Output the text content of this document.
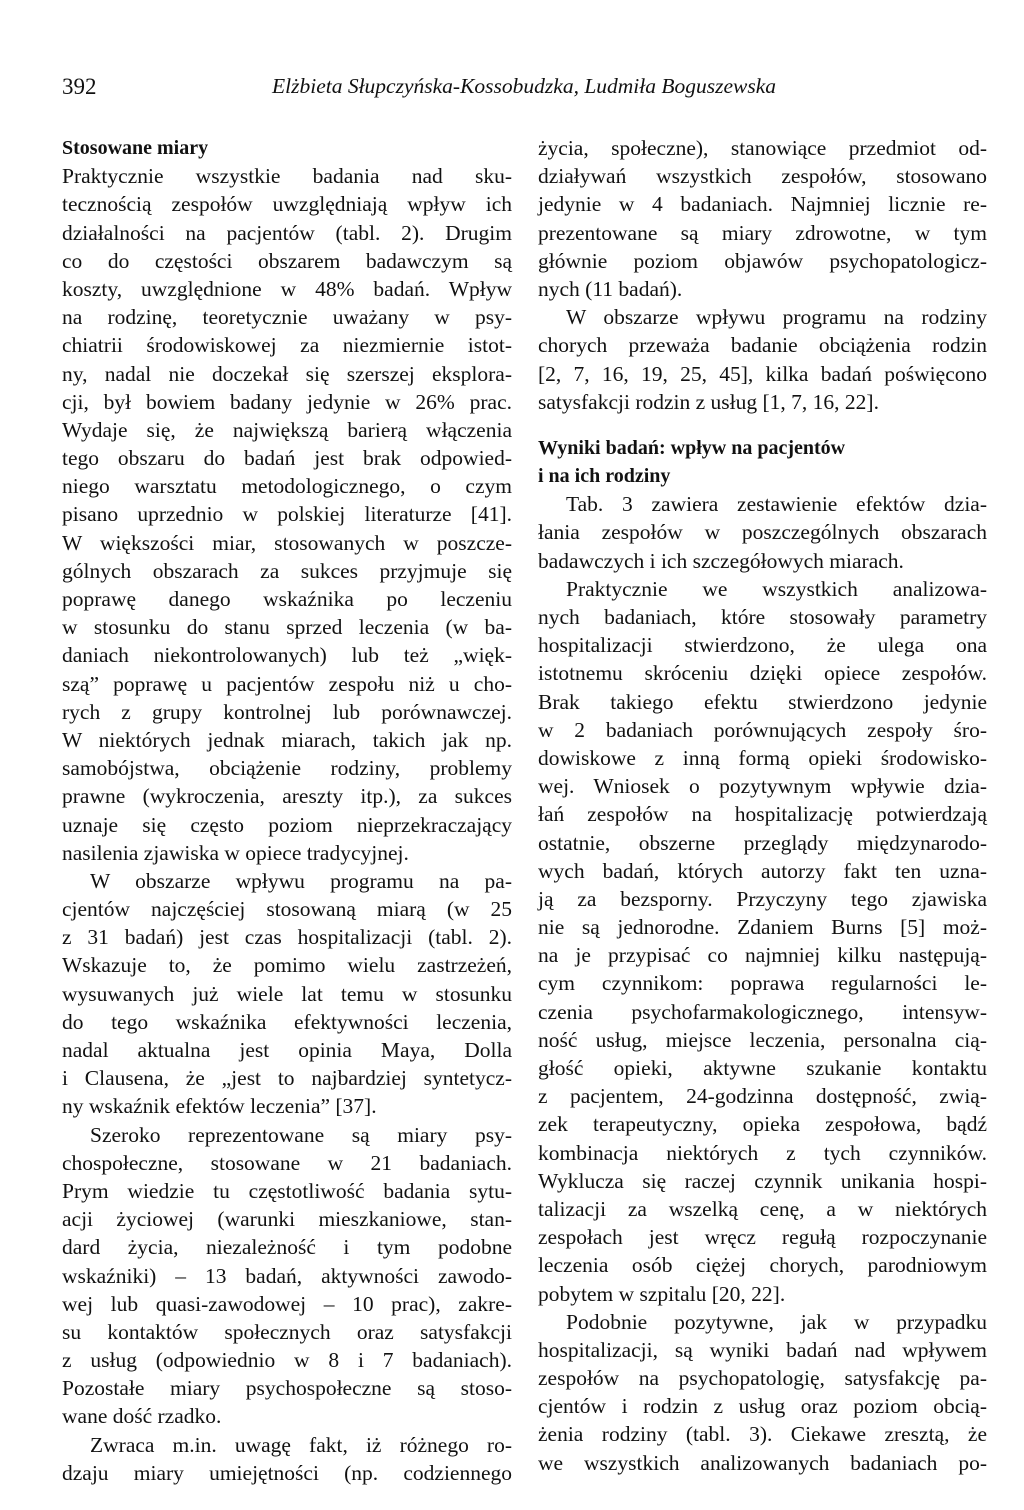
392	Elżbieta Słupczyńska-Kossobudzka, Ludmiła Boguszewska
Stosowane miary
Praktycznie wszystkie badania nad sku-
tecznością zespołów uwzględniają wpływ ich
działalności na pacjentów (tabl. 2). Drugim
co do częstości obszarem badawczym są
koszty, uwzględnione w 48% badań. Wpływ
na rodzinę, teoretycznie uważany w psy-
chiatrii środowiskowej za niezmiernie istot-
ny, nadal nie doczekał się szerszej eksplora-
cji, był bowiem badany jedynie w 26% prac.
Wydaje się, że największą barierą włączenia
tego obszaru do badań jest brak odpowied-
niego warsztatu metodologicznego, o czym
pisano uprzednio w polskiej literaturze [41].
W większości miar, stosowanych w poszcze-
gólnych obszarach za sukces przyjmuje się
poprawę danego wskaźnika po leczeniu
w stosunku do stanu sprzed leczenia (w ba-
daniach niekontrolowanych) lub też „więk-
szą” poprawę u pacjentów zespołu niż u cho-
rych z grupy kontrolnej lub porównawczej.
W niektórych jednak miarach, takich jak np.
samobójstwa, obciążenie rodziny, problemy
prawne (wykroczenia, areszty itp.), za sukces
uznaje się często poziom nieprzekraczający
nasilenia zjawiska w opiece tradycyjnej.
W obszarze wpływu programu na pa-
cjentów najczęściej stosowaną miarą (w 25
z 31 badań) jest czas hospitalizacji (tabl. 2).
Wskazuje to, że pomimo wielu zastrzeżeń,
wysuwanych już wiele lat temu w stosunku
do tego wskaźnika efektywności leczenia,
nadal aktualna jest opinia Maya, Dolla
i Clausena, że „jest to najbardziej syntetycz-
ny wskaźnik efektów leczenia” [37].
Szeroko reprezentowane są miary psy-
chospołeczne, stosowane w 21 badaniach.
Prym wiedzie tu częstotliwość badania sytu-
acji życiowej (warunki mieszkaniowe, stan-
dard życia, niezależność i tym podobne
wskaźniki) – 13 badań, aktywności zawodo-
wej lub quasi-zawodowej – 10 prac), zakre-
su kontaktów społecznych oraz satysfakcji
z usług (odpowiednio w 8 i 7 badaniach).
Pozostałe miary psychospołeczne są stoso-
wane dość rzadko.
Zwraca m.in. uwagę fakt, iż różnego ro-
dzaju miary umiejętności (np. codziennego
życia, społeczne), stanowiące przedmiot od-
działywań wszystkich zespołów, stosowano
jedynie w 4 badaniach. Najmniej licznie re-
prezentowane są miary zdrowotne, w tym
głównie poziom objawów psychopatologicz-
nych (11 badań).
W obszarze wpływu programu na rodziny
chorych przeważa badanie obciążenia rodzin
[2, 7, 16, 19, 25, 45], kilka badań poświęcono
satysfakcji rodzin z usług [1, 7, 16, 22].
Wyniki badań: wpływ na pacjentów
i na ich rodziny
Tab. 3 zawiera zestawienie efektów dzia-
łania zespołów w poszczególnych obszarach
badawczych i ich szczegółowych miarach.
Praktycznie we wszystkich analizowa-
nych badaniach, które stosowały parametry
hospitalizacji stwierdzono, że ulega ona
istotnemu skróceniu dzięki opiece zespołów.
Brak takiego efektu stwierdzono jedynie
w 2 badaniach porównujących zespoły śro-
dowiskowe z inną formą opieki środowisko-
wej. Wniosek o pozytywnym wpływie dzia-
łań zespołów na hospitalizację potwierdzają
ostatnie, obszerne przeglądy międzynarodo-
wych badań, których autorzy fakt ten uzna-
ją za bezsporny. Przyczyny tego zjawiska
nie są jednorodne. Zdaniem Burns [5] moż-
na je przypisać co najmniej kilku następują-
cym czynnikom: poprawa regularności le-
czenia psychofarmakologicznego, intensyw-
ność usług, miejsce leczenia, personalna cią-
głość opieki, aktywne szukanie kontaktu
z pacjentem, 24-godzinna dostępność, zwią-
zek terapeutyczny, opieka zespołowa, bądź
kombinacja niektórych z tych czynników.
Wyklucza się raczej czynnik unikania hospi-
talizacji za wszelką cenę, a w niektórych
zespołach jest wręcz regułą rozpoczynanie
leczenia osób ciężej chorych, parodniowym
pobytem w szpitalu [20, 22].
Podobnie pozytywne, jak w przypadku
hospitalizacji, są wyniki badań nad wpływem
zespołów na psychopatologię, satysfakcję pa-
cjentów i rodzin z usług oraz poziom obcią-
żenia rodziny (tabl. 3). Ciekawe zresztą, że
we wszystkich analizowanych badaniach po-
